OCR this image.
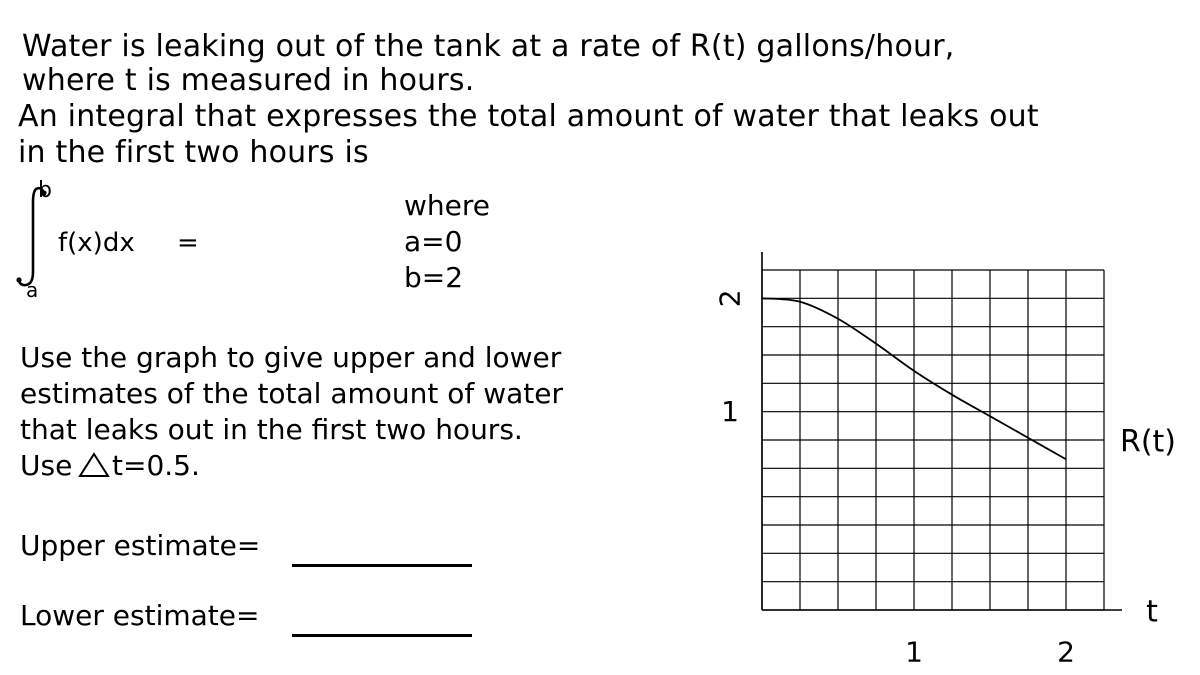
Water is leaking out of the tank at a rate of R(t) gallons/hour,
where t is measured in hours.
An integral that expresses the total amount of water that leaks out
in the first two hours is
b
a
f(x)dx =
where
a=0
b=2
Use the graph to give upper and lower
estimates of the total amount of water
that leaks out in the first two hours.
Use t=0.5.
Upper estimate=
Lower estimate=
2
1
1	2
R(t)
t
